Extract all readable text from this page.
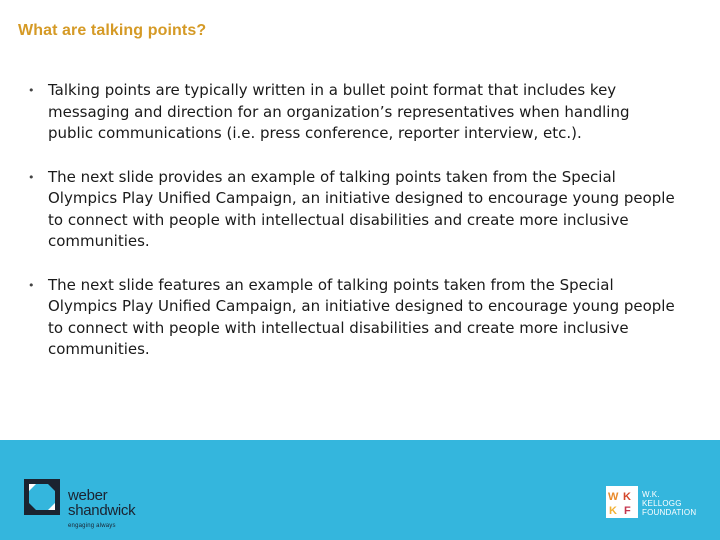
What are talking points?
• Talking points are typically written in a bullet point format that includes key messaging and direction for an organization’s representatives when handling public communications (i.e. press conference, reporter interview, etc.).
• The next slide provides an example of talking points taken from the Special Olympics Play Unified Campaign, an initiative designed to encourage young people to connect with people with intellectual disabilities and create more inclusive communities.
• The next slide features an example of talking points taken from the Special Olympics Play Unified Campaign, an initiative designed to encourage young people to connect with people with intellectual disabilities and create more inclusive communities.
weber
shandwick
engaging always
W K
K F
W.K.
KELLOGG
FOUNDATION
